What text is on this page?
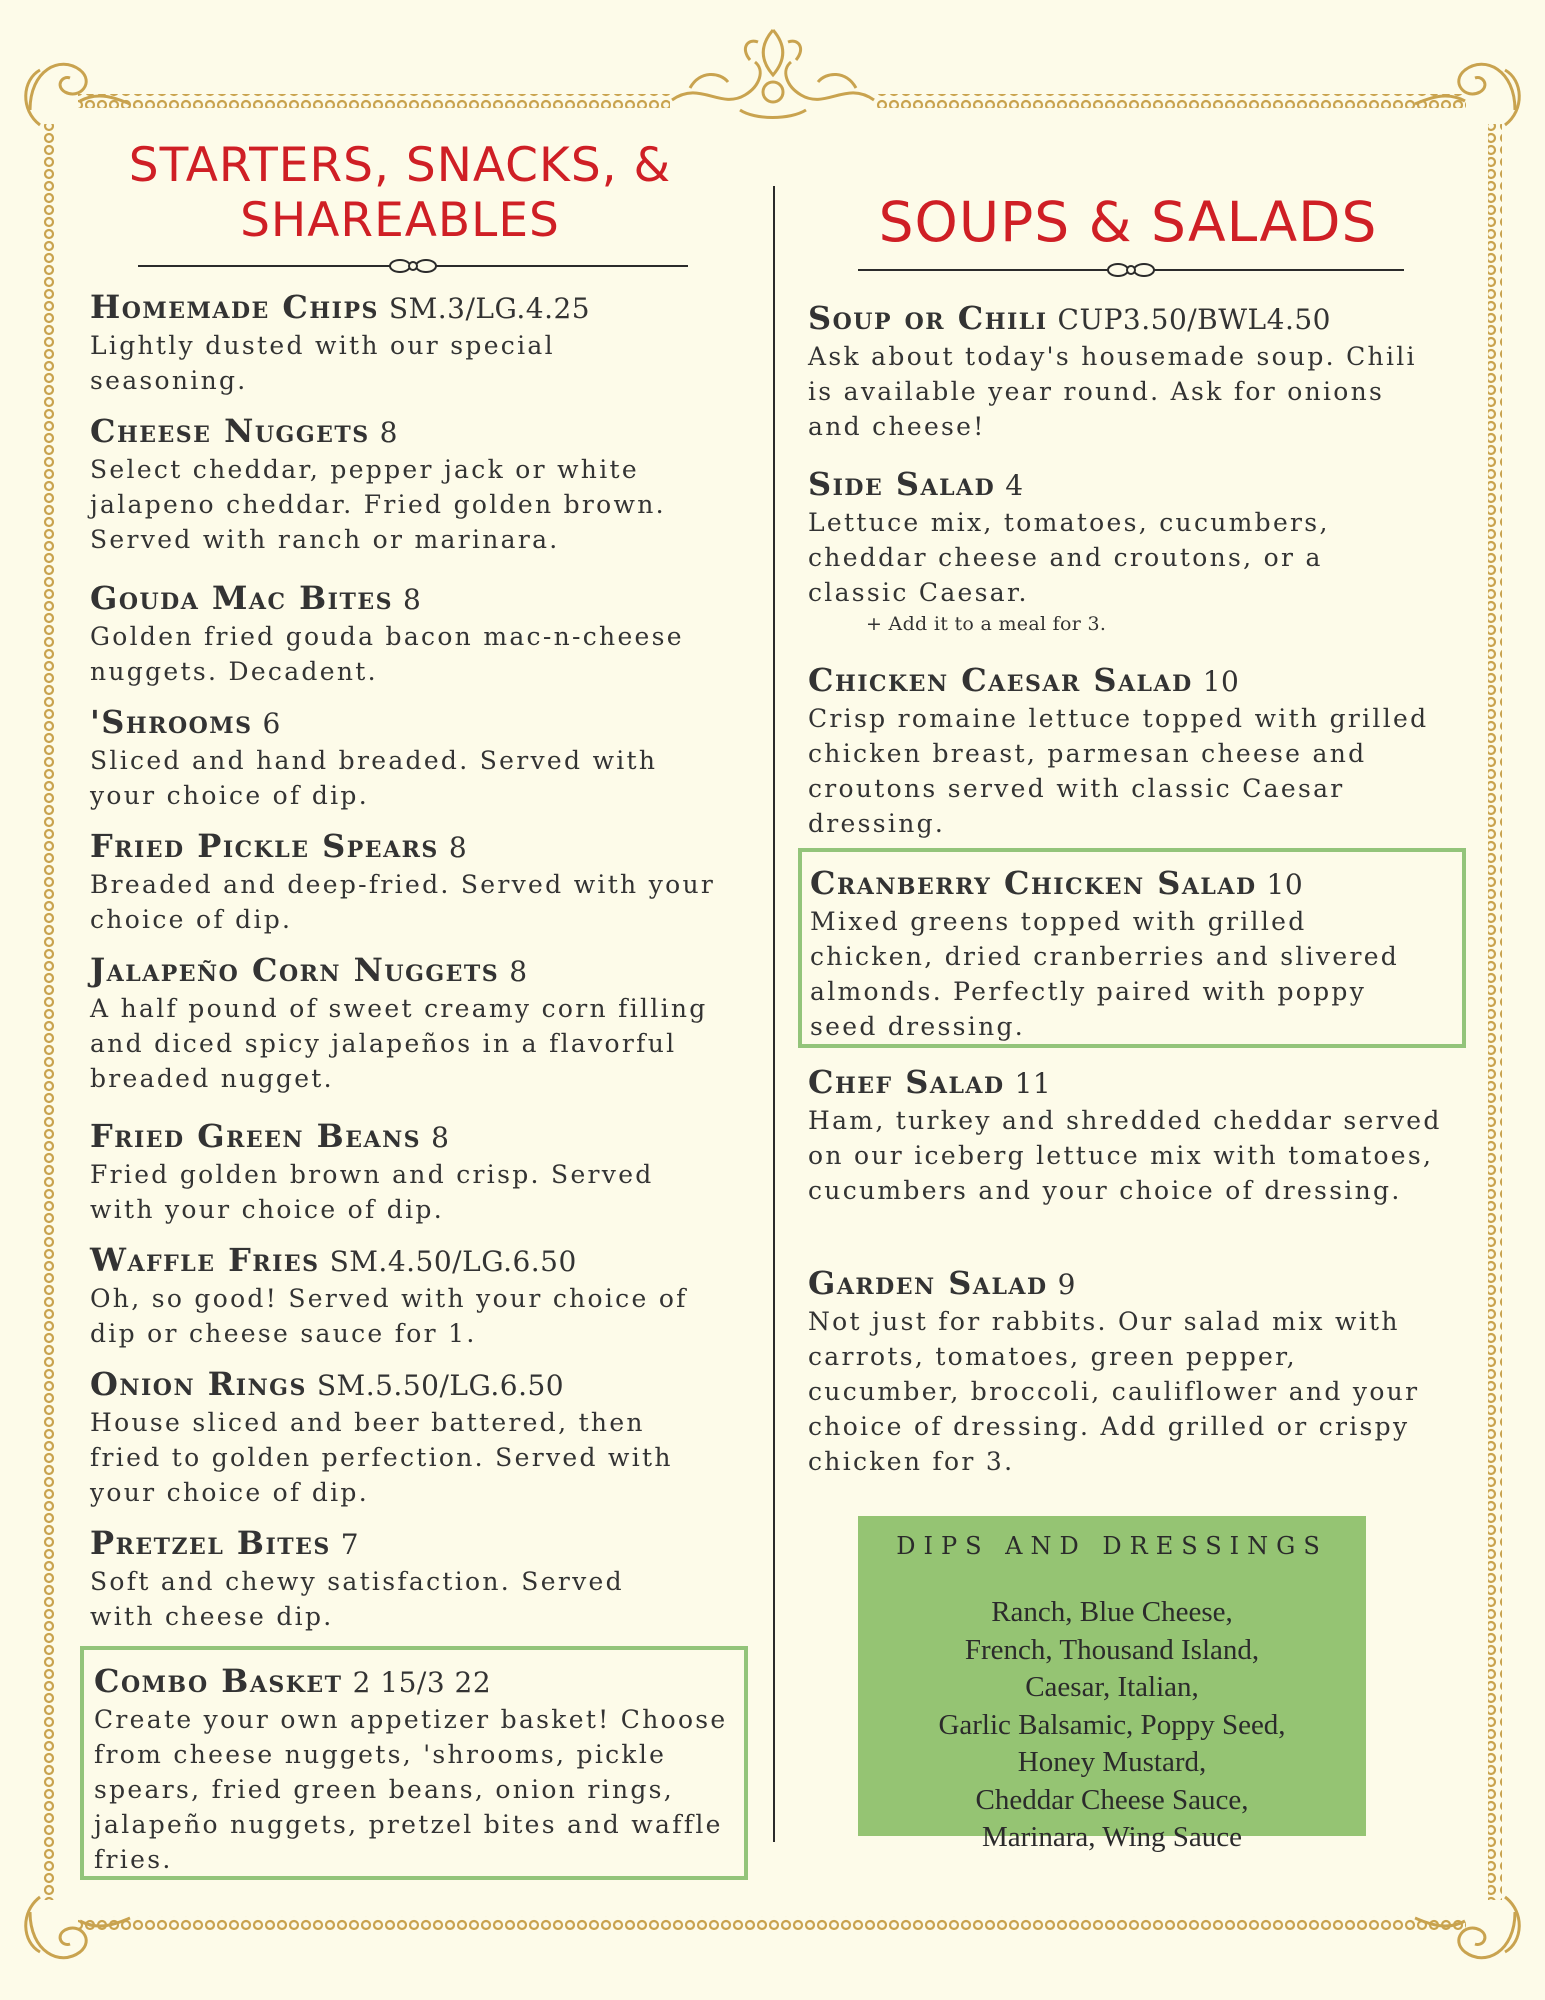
STARTERS, SNACKS, &
SHAREABLES	SOUPS & SALADS
Homemade Chips SM.3/LG.4.25

Lightly dusted with our special seasoning.

Cheese Nuggets 8

Select cheddar, pepper jack or white jalapeno cheddar. Fried golden brown. Served with ranch or marinara.

Gouda Mac Bites 8

Golden fried gouda bacon mac-n-cheese nuggets. Decadent.

'Shrooms 6

Sliced and hand breaded. Served with your choice of dip.

Fried Pickle Spears 8

Breaded and deep-fried. Served with your choice of dip.

Jalapeño Corn Nuggets 8

A half pound of sweet creamy corn filling and diced spicy jalapeños in a flavorful breaded nugget.

Fried Green Beans 8

Fried golden brown and crisp. Served with your choice of dip.

Waffle Fries SM.4.50/LG.6.50

Oh, so good! Served with your choice of dip or cheese sauce for 1.

Onion Rings SM.5.50/LG.6.50

House sliced and beer battered, then fried to golden perfection. Served with your choice of dip.

Pretzel Bites 7

Soft and chewy satisfaction. Served with cheese dip.

Combo Basket 2 15/3 22

Create your own appetizer basket! Choose from cheese nuggets, 'shrooms, pickle spears, fried green beans, onion rings, jalapeño nuggets, pretzel bites and waffle fries.

Soup or Chili CUP3.50/BWL4.50

Ask about today's housemade soup. Chili is available year round. Ask for onions and cheese!

Side Salad 4

Lettuce mix, tomatoes, cucumbers, cheddar cheese and croutons, or a classic Caesar.

+ Add it to a meal for 3.
Chicken Caesar Salad 10

Crisp romaine lettuce topped with grilled chicken breast, parmesan cheese and croutons served with classic Caesar dressing.

Cranberry Chicken Salad 10

Mixed greens topped with grilled chicken, dried cranberries and slivered almonds. Perfectly paired with poppy seed dressing.

Chef Salad 11

Ham, turkey and shredded cheddar served on our iceberg lettuce mix with tomatoes, cucumbers and your choice of dressing.

Garden Salad 9

Not just for rabbits. Our salad mix with carrots, tomatoes, green pepper, cucumber, broccoli, cauliflower and your choice of dressing. Add grilled or crispy chicken for 3.

DIPS AND DRESSINGS
Ranch, Blue Cheese,
French, Thousand Island,
Caesar, Italian,
Garlic Balsamic, Poppy Seed,
Honey Mustard,
Cheddar Cheese Sauce,
Marinara, Wing Sauce
